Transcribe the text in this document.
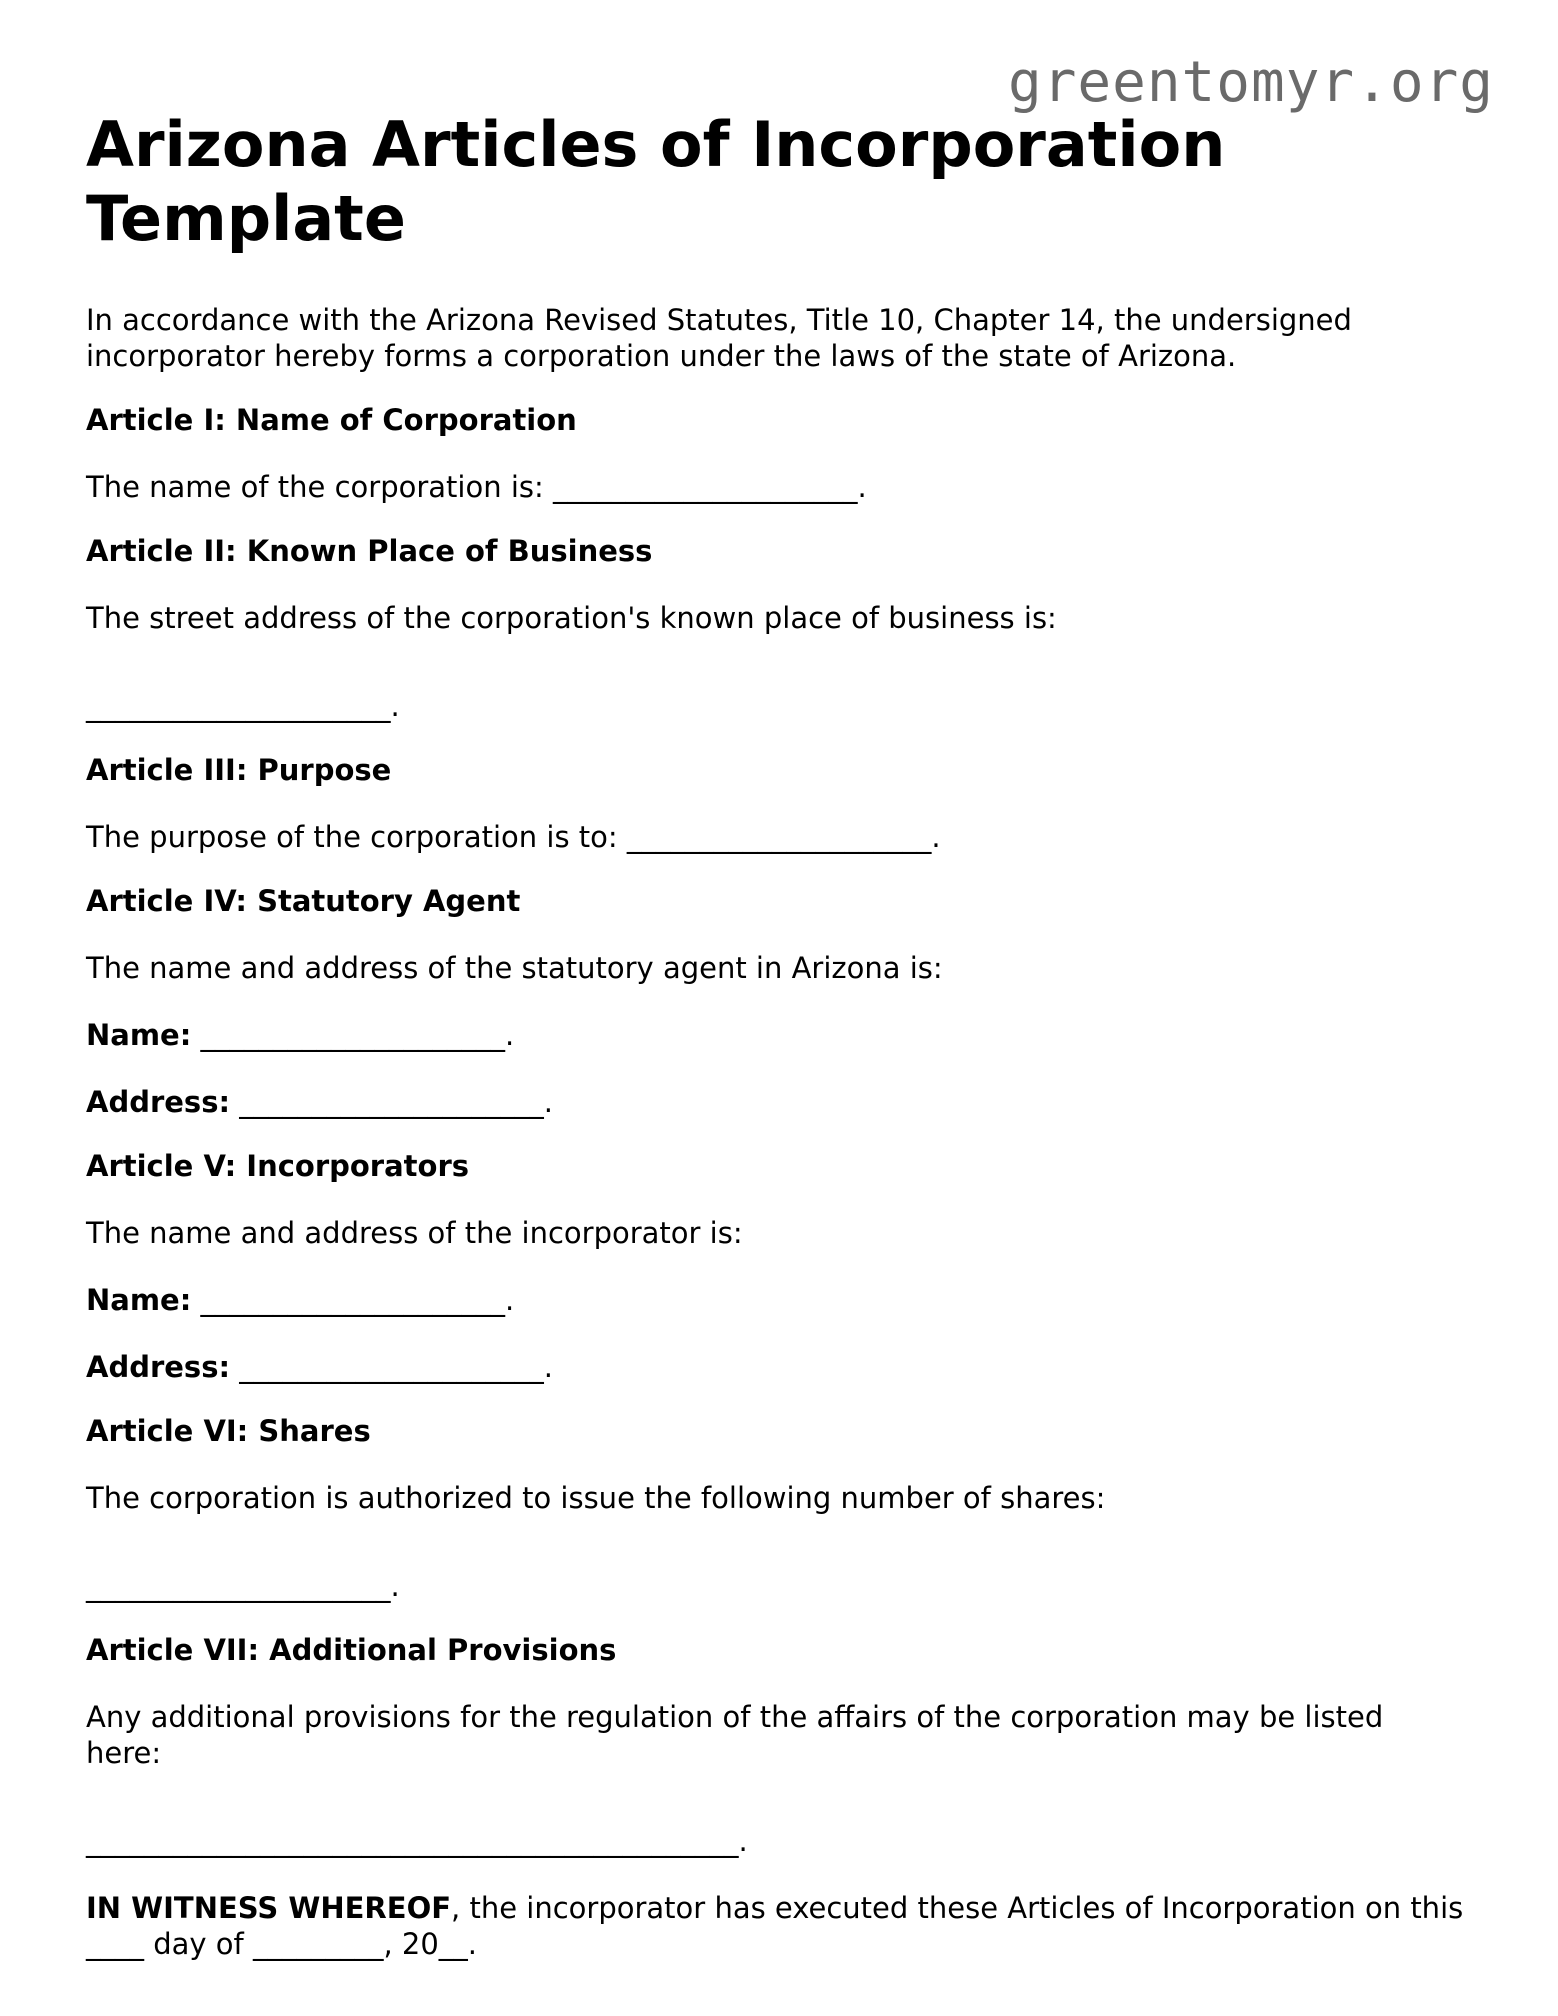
greentomyr.org
Arizona Articles of Incorporation Template
In accordance with the Arizona Revised Statutes, Title 10, Chapter 14, the undersigned incorporator hereby forms a corporation under the laws of the state of Arizona.
Article I: Name of Corporation
The name of the corporation is: _____________________.
Article II: Known Place of Business
The street address of the corporation's known place of business is:
_____________________.
Article III: Purpose
The purpose of the corporation is to: _____________________.
Article IV: Statutory Agent
The name and address of the statutory agent in Arizona is:
Name: _____________________.
Address: _____________________.
Article V: Incorporators
The name and address of the incorporator is:
Name: _____________________.
Address: _____________________.
Article VI: Shares
The corporation is authorized to issue the following number of shares:
_____________________.
Article VII: Additional Provisions
Any additional provisions for the regulation of the affairs of the corporation may be listed here:
_____________________________________________.
IN WITNESS WHEREOF, the incorporator has executed these Articles of Incorporation on this ____ day of _________, 20__.
